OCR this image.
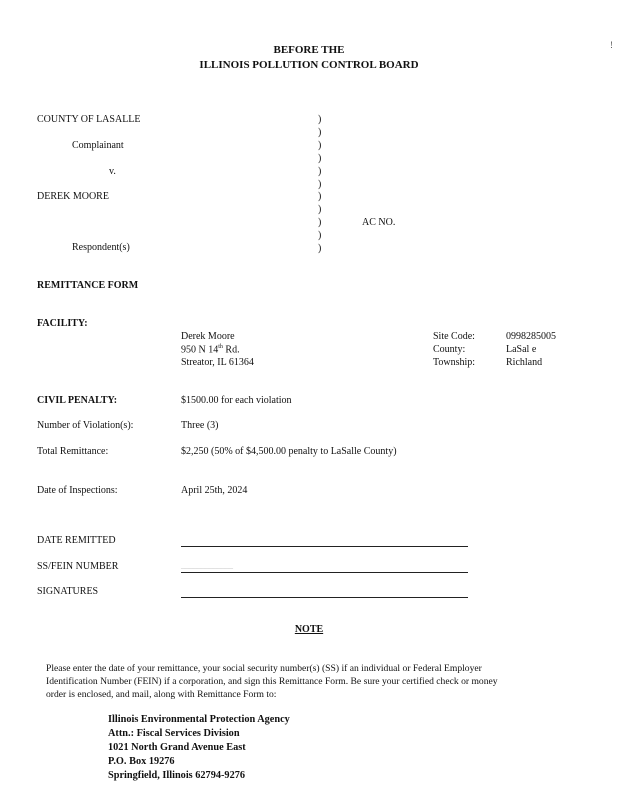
!
BEFORE THE
ILLINOIS POLLUTION CONTROL BOARD
COUNTY OF LASALLE
Complainant
v.
DEREK MOORE
Respondent(s)
AC NO.
)
)
)
)
)
)
)
)
)
)
)
REMITTANCE FORM
FACILITY:
Derek Moore
950 N 14th Rd.
Streator, IL 61364
Site Code:	0998285005
County:	LaSal e
Township:	Richland
CIVIL PENALTY:	$1500.00 for each violation
Number of Violation(s):	Three (3)
Total Remittance:	$2,250 (50% of $4,500.00 penalty to LaSalle County)
Date of Inspections:	April 25th, 2024
DATE REMITTED
SS/FEIN NUMBER	_____________
SIGNATURES
NOTE
Please enter the date of your remittance, your social security number(s) (SS) if an individual or Federal Employer
Identification Number (FEIN) if a corporation, and sign this Remittance Form. Be sure your certified check or money
order is enclosed, and mail, along with Remittance Form to:
Illinois Environmental Protection Agency
Attn.: Fiscal Services Division
1021 North Grand Avenue East
P.O. Box 19276
Springfield, Illinois 62794-9276
